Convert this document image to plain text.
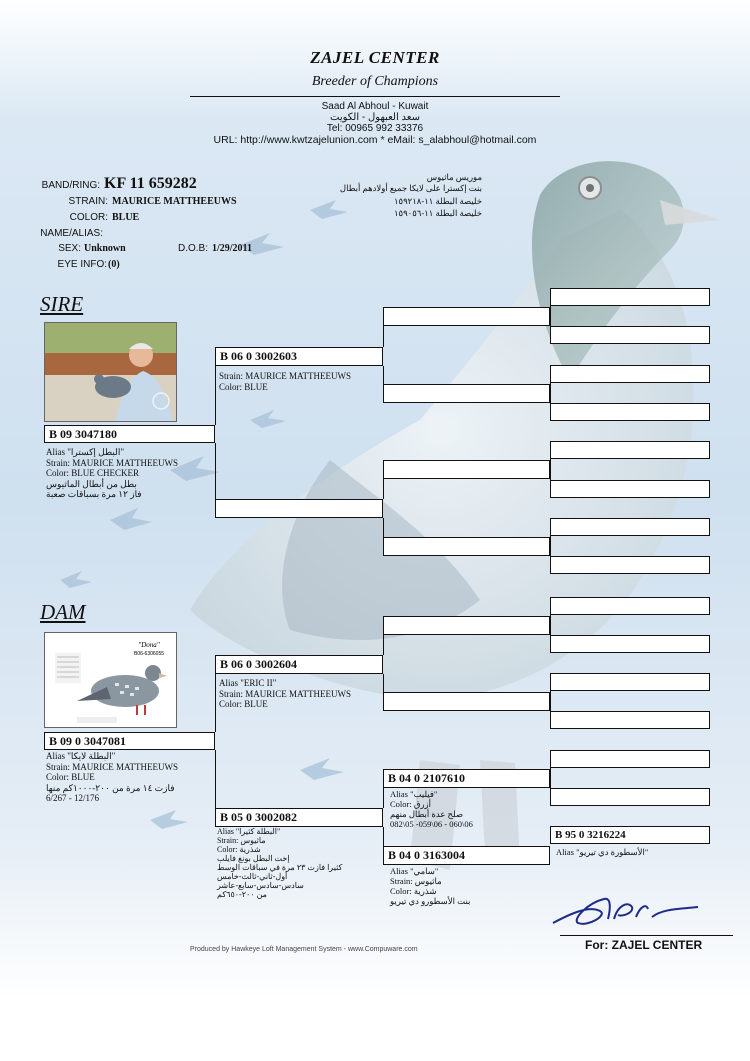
ZAJEL CENTER
Breeder of Champions
Saad Al Abhoul - Kuwait
سعد العبهول - الكويت
Tel: 00965 992 33376
URL: http://www.kwtzajelunion.com * eMail: s_alabhoul@hotmail.com
BAND/RING: KF 11 659282
STRAIN: MAURICE MATTHEEUWS
COLOR: BLUE
NAME/ALIAS:
SEX: Unknown	D.O.B: 1/29/2011
EYE INFO: (0)
موريس ماثيوس
بنت إكسترا على لايكا جميع أولادهم أبطال
خليصة البطلة ١١-١٥٩٢١٨
خليصة البطلة ١١-١٥٩٠٥٦
SIRE
B 09 3047180
Alias "البطل إكسترا"
Strain: MAURICE MATTHEEUWS
Color: BLUE CHECKER
بطل من أبطال الماثيوس
فاز ١٢ مرة بسباقات صعبة
B 06 0 3002603
Strain: MAURICE MATTHEEUWS
Color: BLUE
DAM
"Dona"
B06-6306055
B 09 0 3047081
Alias "البطلة لايكا"
Strain: MAURICE MATTHEEUWS
Color: BLUE
فازت ١٤ مرة من ٢٠٠-١٠٠٠كم منها
6/267 - 12/176
B 06 0 3002604
Alias "ERIC II"
Strain: MAURICE MATTHEEUWS
Color: BLUE
B 05 0 3002082
Alias "البطلة كثيرا"
Strain: ماثيوس
Color: شذرية
إخت البطل بونغ فايلب
كثيرا فازت ٢٣ مرة في سباقات الوسط
أول-ثاني-ثالث-خامس
سادس-سادس-سابع-عاشر
من ٢٠٠-٦٥٠كم
B 04 0 2107610
Alias "فيليب"
Color: أزرق
صلح عدة أبطال منهم
082\05 -059\06 - 060\06
B 04 0 3163004
Alias "سامي"
Strain: ماثيوس
Color: شذرية
بنت الأسطورو دي تيريو
B 95 0 3216224
Alias "الأسطورة دي تيريو"
For: ZAJEL CENTER
Produced by Hawkeye Loft Management System - www.Compuware.com
